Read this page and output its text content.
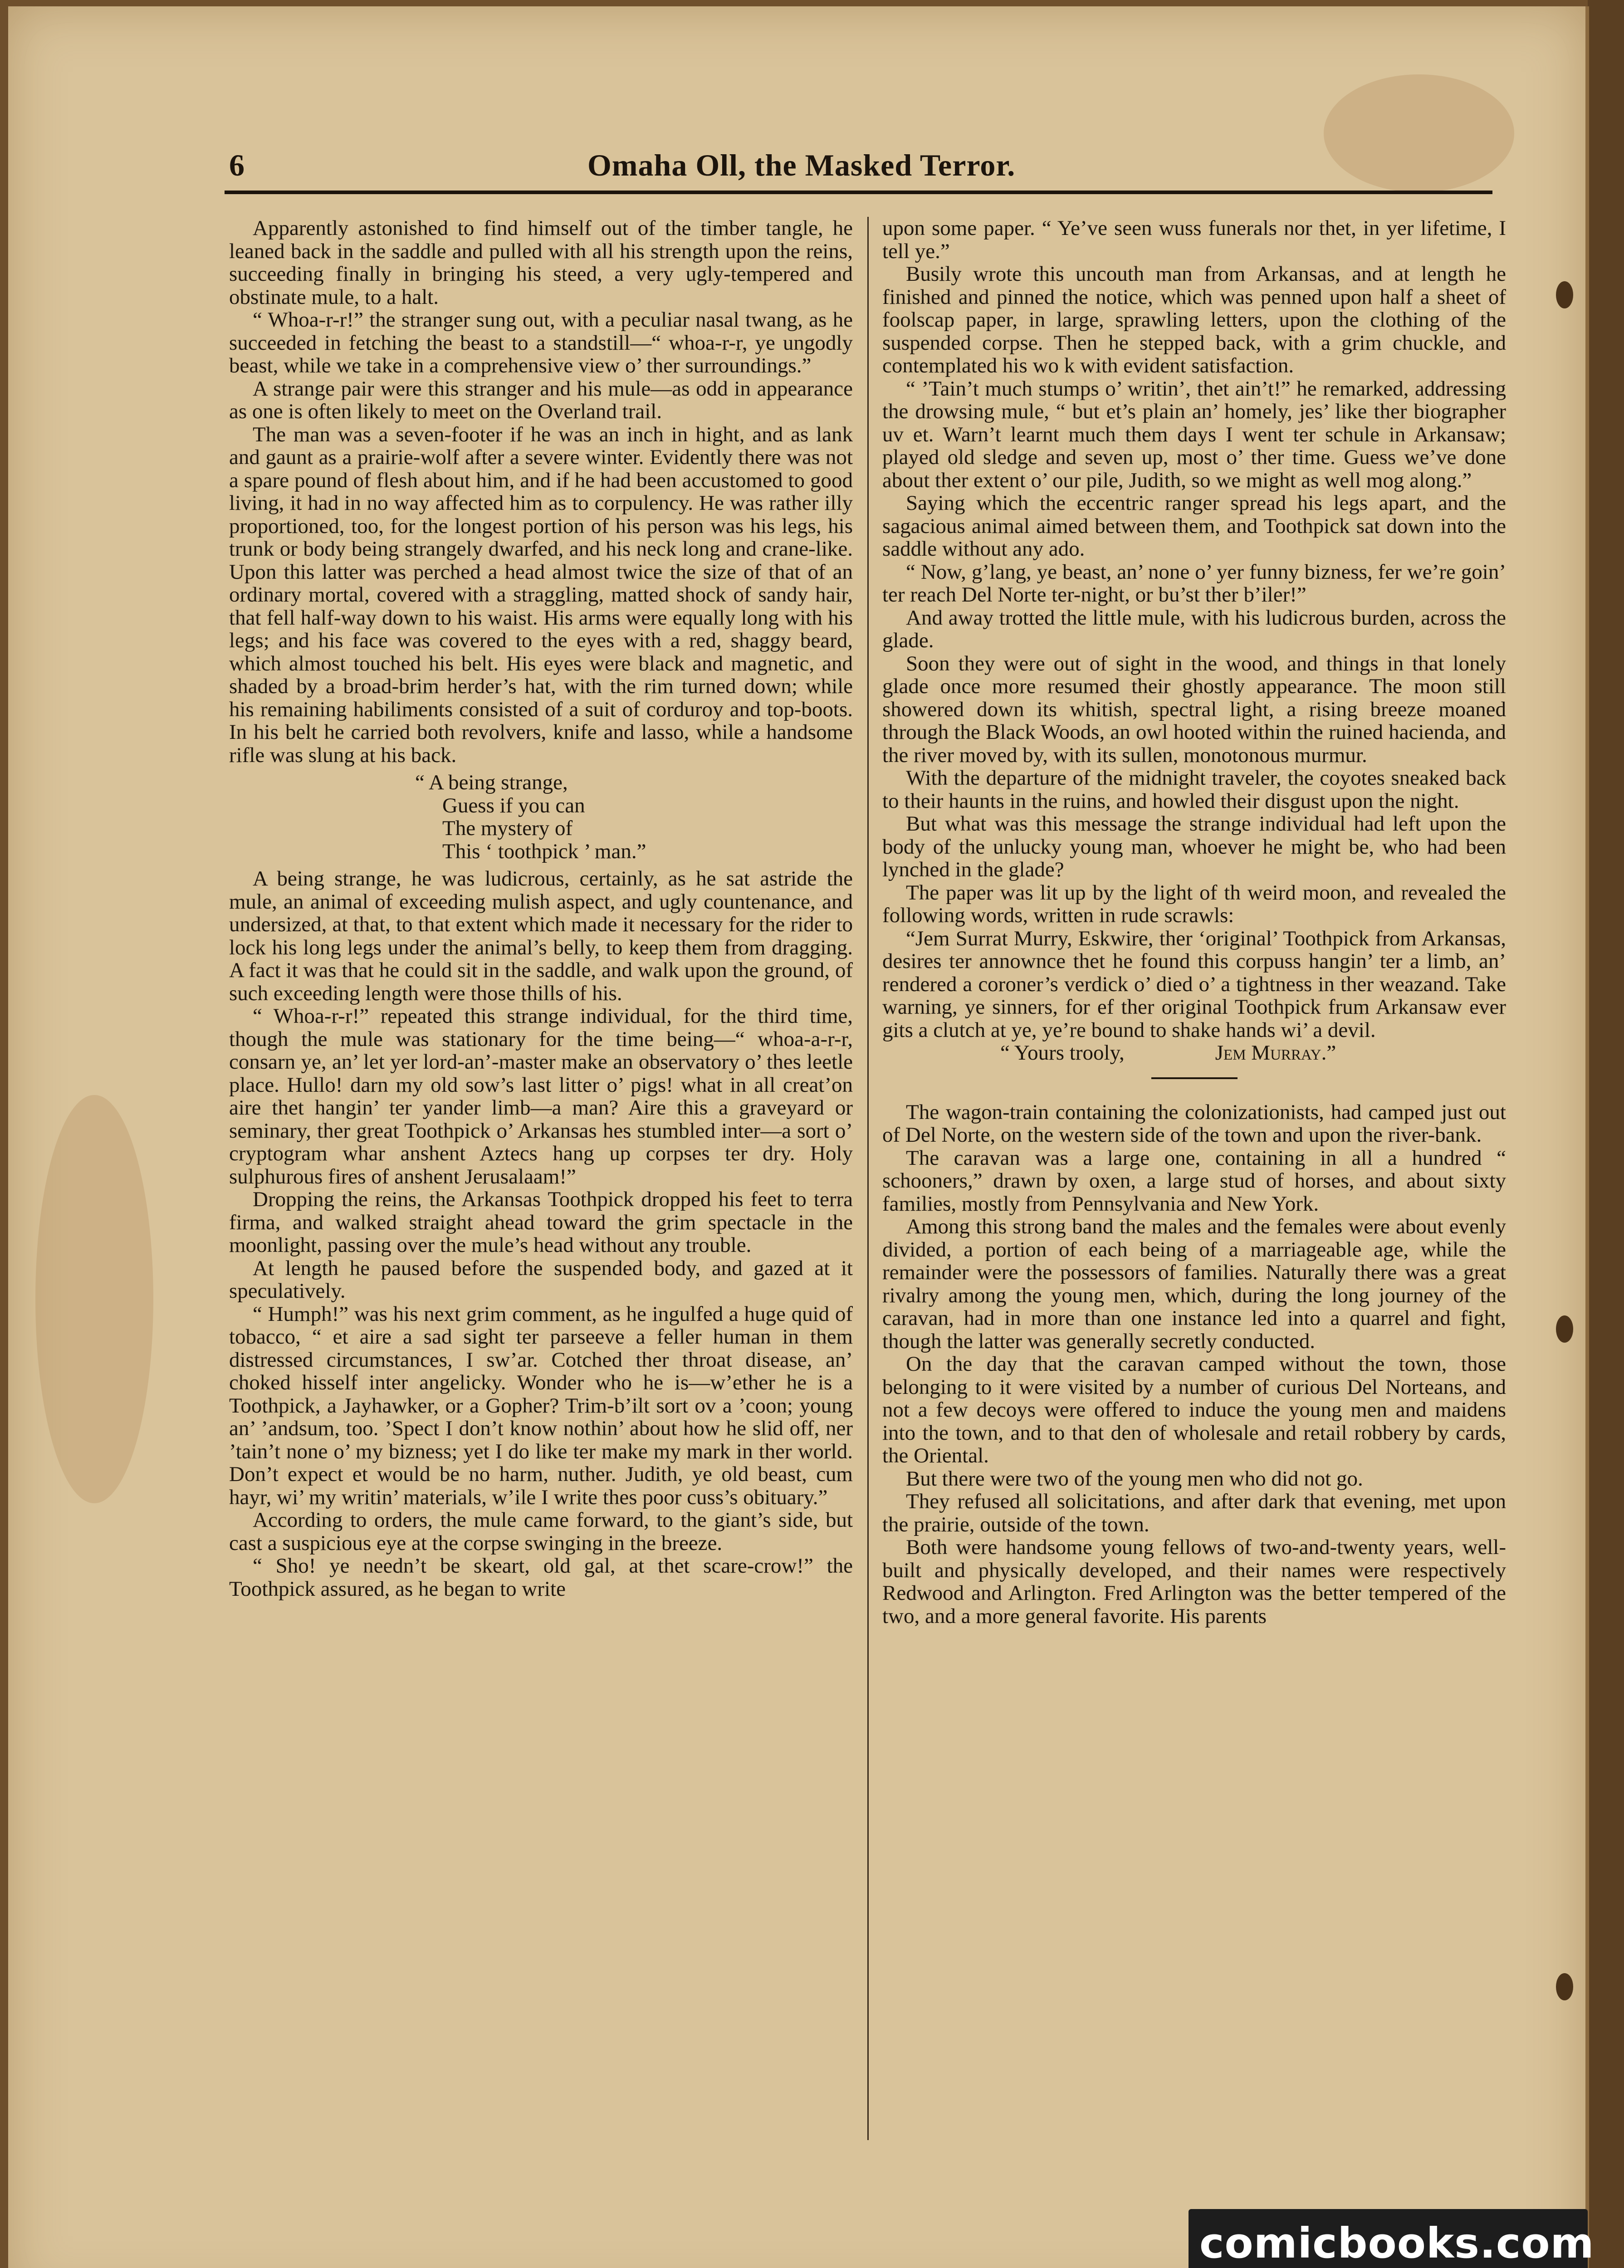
6	Omaha Oll, the Masked Terror.

Apparently astonished to find himself out of the timber tangle, he leaned back in the saddle and pulled with all his strength upon the reins, succeeding finally in bringing his steed, a very ugly-tempered and obstinate mule, to a halt.

“ Whoa-r-r!” the stranger sung out, with a peculiar nasal twang, as he succeeded in fetching the beast to a standstill—“ whoa-r-r, ye ungodly beast, while we take in a comprehensive view o’ ther surroundings.”

A strange pair were this stranger and his mule—as odd in appearance as one is often likely to meet on the Overland trail.

The man was a seven-footer if he was an inch in hight, and as lank and gaunt as a prairie-wolf after a severe winter. Evidently there was not a spare pound of flesh about him, and if he had been accustomed to good living, it had in no way affected him as to corpulency. He was rather illy proportioned, too, for the longest portion of his person was his legs, his trunk or body being strangely dwarfed, and his neck long and crane-like. Upon this latter was perched a head almost twice the size of that of an ordinary mortal, covered with a straggling, matted shock of sandy hair, that fell half-way down to his waist. His arms were equally long with his legs; and his face was covered to the eyes with a red, shaggy beard, which almost touched his belt. His eyes were black and magnetic, and shaded by a broad-brim herder’s hat, with the rim turned down; while his remaining habiliments consisted of a suit of corduroy and top-boots. In his belt he carried both revolvers, knife and lasso, while a handsome rifle was slung at his back.

“ A being strange,
Guess if you can
The mystery of
This ‘ toothpick ’ man.”

A being strange, he was ludicrous, certainly, as he sat astride the mule, an animal of exceeding mulish aspect, and ugly countenance, and undersized, at that, to that extent which made it necessary for the rider to lock his long legs under the animal’s belly, to keep them from dragging. A fact it was that he could sit in the saddle, and walk upon the ground, of such exceeding length were those thills of his.

“ Whoa-r-r!” repeated this strange individual, for the third time, though the mule was stationary for the time being—“ whoa-a-r-r, consarn ye, an’ let yer lord-an’-master make an observatory o’ thes leetle place. Hullo! darn my old sow’s last litter o’ pigs! what in all creat’on aire thet hangin’ ter yander limb—a man? Aire this a graveyard or seminary, ther great Toothpick o’ Arkansas hes stumbled inter—a sort o’ cryptogram whar anshent Aztecs hang up corpses ter dry. Holy sulphurous fires of anshent Jerusalaam!”

Dropping the reins, the Arkansas Toothpick dropped his feet to terra firma, and walked straight ahead toward the grim spectacle in the moonlight, passing over the mule’s head without any trouble.

At length he paused before the suspended body, and gazed at it speculatively.

“ Humph!” was his next grim comment, as he ingulfed a huge quid of tobacco, “ et aire a sad sight ter parseeve a feller human in them distressed circumstances, I sw’ar. Cotched ther throat disease, an’ choked hisself inter angelicky. Wonder who he is—w’ether he is a Toothpick, a Jayhawker, or a Gopher? Trim-b’ilt sort ov a ’coon; young an’ ’andsum, too. ’Spect I don’t know nothin’ about how he slid off, ner ’tain’t none o’ my bizness; yet I do like ter make my mark in ther world. Don’t expect et would be no harm, nuther. Judith, ye old beast, cum hayr, wi’ my writin’ materials, w’ile I write thes poor cuss’s obituary.”

According to orders, the mule came forward, to the giant’s side, but cast a suspicious eye at the corpse swinging in the breeze.

“ Sho! ye needn’t be skeart, old gal, at thet scare-crow!” the Toothpick assured, as he began to write

upon some paper. “ Ye’ve seen wuss funerals nor thet, in yer lifetime, I tell ye.”

Busily wrote this uncouth man from Arkansas, and at length he finished and pinned the notice, which was penned upon half a sheet of foolscap paper, in large, sprawling letters, upon the clothing of the suspended corpse. Then he stepped back, with a grim chuckle, and contemplated his wo k with evident satisfaction.

“ ’Tain’t much stumps o’ writin’, thet ain’t!” he remarked, addressing the drowsing mule, “ but et’s plain an’ homely, jes’ like ther biographer uv et. Warn’t learnt much them days I went ter schule in Arkansaw; played old sledge and seven up, most o’ ther time. Guess we’ve done about ther extent o’ our pile, Judith, so we might as well mog along.”

Saying which the eccentric ranger spread his legs apart, and the sagacious animal aimed between them, and Toothpick sat down into the saddle without any ado.

“ Now, g’lang, ye beast, an’ none o’ yer funny bizness, fer we’re goin’ ter reach Del Norte ter-night, or bu’st ther b’iler!”

And away trotted the little mule, with his ludicrous burden, across the glade.

Soon they were out of sight in the wood, and things in that lonely glade once more resumed their ghostly appearance. The moon still showered down its whitish, spectral light, a rising breeze moaned through the Black Woods, an owl hooted within the ruined hacienda, and the river moved by, with its sullen, monotonous murmur.

With the departure of the midnight traveler, the coyotes sneaked back to their haunts in the ruins, and howled their disgust upon the night.

But what was this message the strange individual had left upon the body of the unlucky young man, whoever he might be, who had been lynched in the glade?

The paper was lit up by the light of th weird moon, and revealed the following words, written in rude scrawls:

“Jem Surrat Murry, Eskwire, ther ‘original’ Toothpick from Arkansas, desires ter annownce thet he found this corpuss hangin’ ter a limb, an’ rendered a coroner’s verdick o’ died o’ a tightness in ther weazand. Take warning, ye sinners, for ef ther original Toothpick frum Arkansaw ever gits a clutch at ye, ye’re bound to shake hands wi’ a devil.

“ Yours trooly,	Jem Murray.”

The wagon-train containing the colonizationists, had camped just out of Del Norte, on the western side of the town and upon the river-bank.

The caravan was a large one, containing in all a hundred “ schooners,” drawn by oxen, a large stud of horses, and about sixty families, mostly from Pennsylvania and New York.

Among this strong band the males and the females were about evenly divided, a portion of each being of a marriageable age, while the remainder were the possessors of families. Naturally there was a great rivalry among the young men, which, during the long journey of the caravan, had in more than one instance led into a quarrel and fight, though the latter was generally secretly conducted.

On the day that the caravan camped without the town, those belonging to it were visited by a number of curious Del Norteans, and not a few decoys were offered to induce the young men and maidens into the town, and to that den of wholesale and retail robbery by cards, the Oriental.

But there were two of the young men who did not go.

They refused all solicitations, and after dark that evening, met upon the prairie, outside of the town.

Both were handsome young fellows of two-and-twenty years, well-built and physically developed, and their names were respectively Redwood and Arlington. Fred Arlington was the better tempered of the two, and a more general favorite. His parents

comicbooks.com
